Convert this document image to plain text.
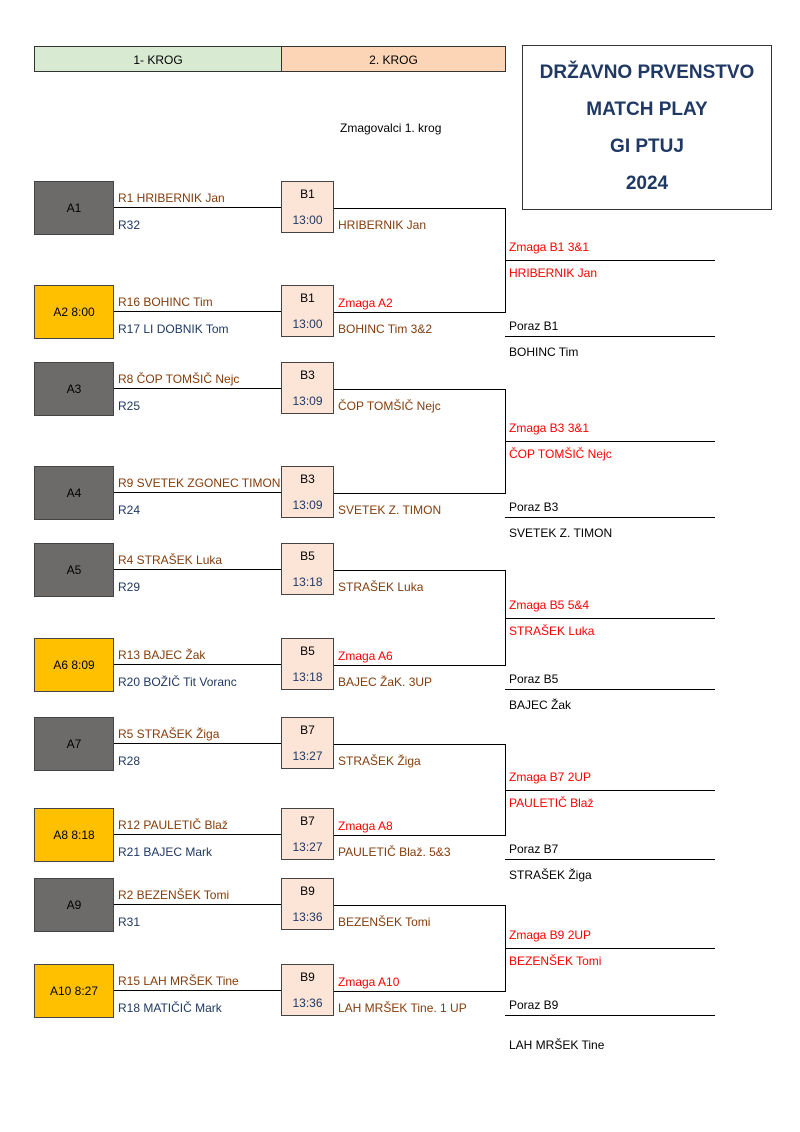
1- KROG	2. KROG
DRŽAVNO PRVENSTVO
MATCH PLAY
GI PTUJ
2024
Zmagovalci 1. krog
A1
R1 HRIBERNIK Jan
R32
B1
13:00	HRIBERNIK Jan
A2 8:00
R16 BOHINC Tim
R17 LI DOBNIK Tom
B1
13:00
Zmaga A2
BOHINC Tim 3&2
A3
R8 ČOP TOMŠIČ Nejc
R25
B3
13:09	ČOP TOMŠIČ Nejc
A4
R9 SVETEK ZGONEC TIMON
R24
B3
13:09	SVETEK Z. TIMON
A5
R4 STRAŠEK Luka
R29
B5
13:18	STRAŠEK Luka
A6 8:09
R13 BAJEC Žak
R20 BOŽIČ Tit Voranc
B5
13:18
Zmaga A6
BAJEC ŽaK. 3UP
A7
R5 STRAŠEK Žiga
R28
B7
13:27	STRAŠEK Žiga
A8 8:18
R12 PAULETIČ Blaž
R21 BAJEC Mark
B7
13:27
Zmaga A8
PAULETIČ Blaž. 5&3
A9
R2 BEZENŠEK Tomi
R31
B9
13:36	BEZENŠEK Tomi
A10 8:27
R15 LAH MRŠEK Tine
R18 MATIČIČ Mark
B9
13:36
Zmaga A10
LAH MRŠEK Tine. 1 UP
Zmaga B1 3&1
HRIBERNIK Jan
Poraz B1
BOHINC Tim
Zmaga B3 3&1
ČOP TOMŠIČ Nejc
Poraz B3
SVETEK Z. TIMON
Zmaga B5 5&4
STRAŠEK Luka
Poraz B5
BAJEC Žak
Zmaga B7 2UP
PAULETIČ Blaž
Poraz B7
STRAŠEK Žiga
Zmaga B9 2UP
BEZENŠEK Tomi
Poraz B9
LAH MRŠEK Tine
